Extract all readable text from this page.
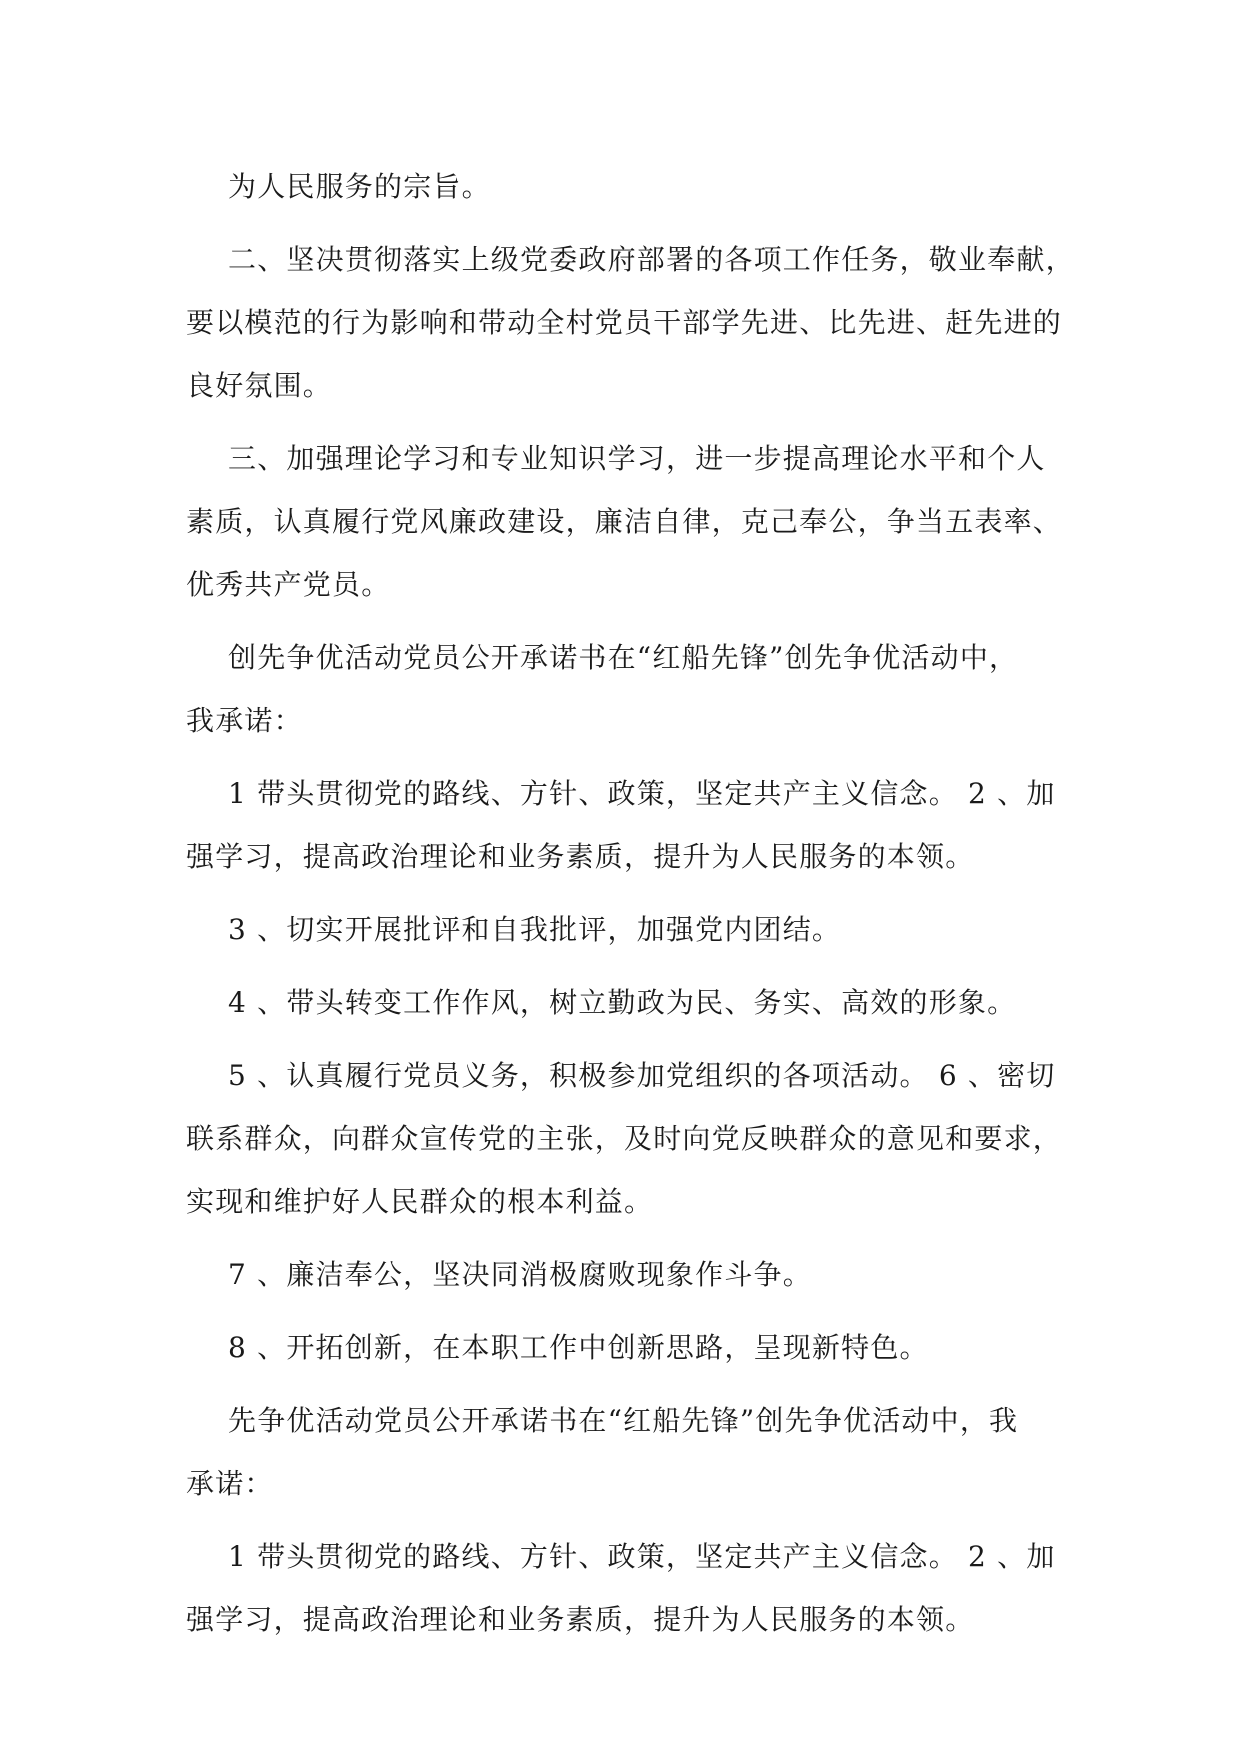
为人民服务的宗旨。

二、坚决贯彻落实上级党委政府部署的各项工作任务，敬业奉献，
要以模范的行为影响和带动全村党员干部学先进、比先进、赶先进的
良好氛围。

三、加强理论学习和专业知识学习，进一步提高理论水平和个人
素质，认真履行党风廉政建设，廉洁自律，克己奉公，争当五表率、
优秀共产党员。

创先争优活动党员公开承诺书在“红船先锋”创先争优活动中，
我承诺：

1 带头贯彻党的路线、方针、政策，坚定共产主义信念。 2 、加
强学习，提高政治理论和业务素质，提升为人民服务的本领。

3 、切实开展批评和自我批评，加强党内团结。

4 、带头转变工作作风，树立勤政为民、务实、高效的形象。

5 、认真履行党员义务，积极参加党组织的各项活动。 6 、密切
联系群众，向群众宣传党的主张，及时向党反映群众的意见和要求，
实现和维护好人民群众的根本利益。

7 、廉洁奉公，坚决同消极腐败现象作斗争。

8 、开拓创新，在本职工作中创新思路，呈现新特色。

先争优活动党员公开承诺书在“红船先锋”创先争优活动中，我
承诺：

1 带头贯彻党的路线、方针、政策，坚定共产主义信念。 2 、加
强学习，提高政治理论和业务素质，提升为人民服务的本领。
